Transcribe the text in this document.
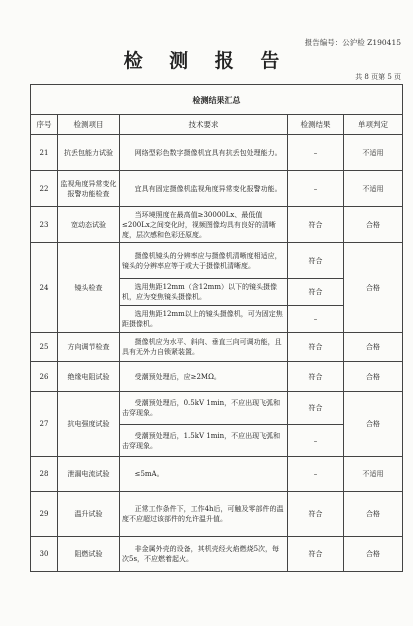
报告编号：公沪检 Z190415
检 测 报 告
共 8 页第 5 页
检测结果汇总				
序号	检测项目	技术要求	检测结果	单项判定
21	抗丢包能力试验	网络型彩色数字摄像机宜具有抗丢包处理能力。	–	不适用
22	监视角度异常变化报警功能检查	宜具有固定摄像机监视角度异常变化报警功能。	–	不适用
23	宽动态试验	当环境照度在最高值≥30000Lx、最低值≤200Lx之间变化时，视频图像均具有良好的清晰度，层次感和色彩还原度。	符合	合格
24	镜头检查	摄像机镜头的分辨率应与摄像机清晰度相适应，镜头的分辨率应等于或大于摄像机清晰度。	符合	合格
		选用焦距12mm（含12mm）以下的镜头摄像机，应为变焦镜头摄像机。	符合	
		选用焦距12mm以上的镜头摄像机，可为固定焦距摄像机。	–	
25	方向调节检查	摄像机应为水平、斜向、垂直三向可调功能，且具有无外力自锁紧装置。	符合	合格
26	绝缘电阻试验	受潮预处理后，应≥2MΩ。	符合	合格
27	抗电强度试验	受潮预处理后，0.5kV 1min，不应出现飞弧和击穿现象。	符合	合格
		受潮预处理后，1.5kV 1min，不应出现飞弧和击穿现象。	–	
28	泄漏电流试验	≤5mA。	–	不适用
29	温升试验	正常工作条件下，工作4h后，可触及零部件的温度不应超过该部件的允许温升值。	符合	合格
30	阻燃试验	非金属外壳的设备，其机壳经火焰燃烧5次，每次5s，不应燃着起火。	符合	合格
